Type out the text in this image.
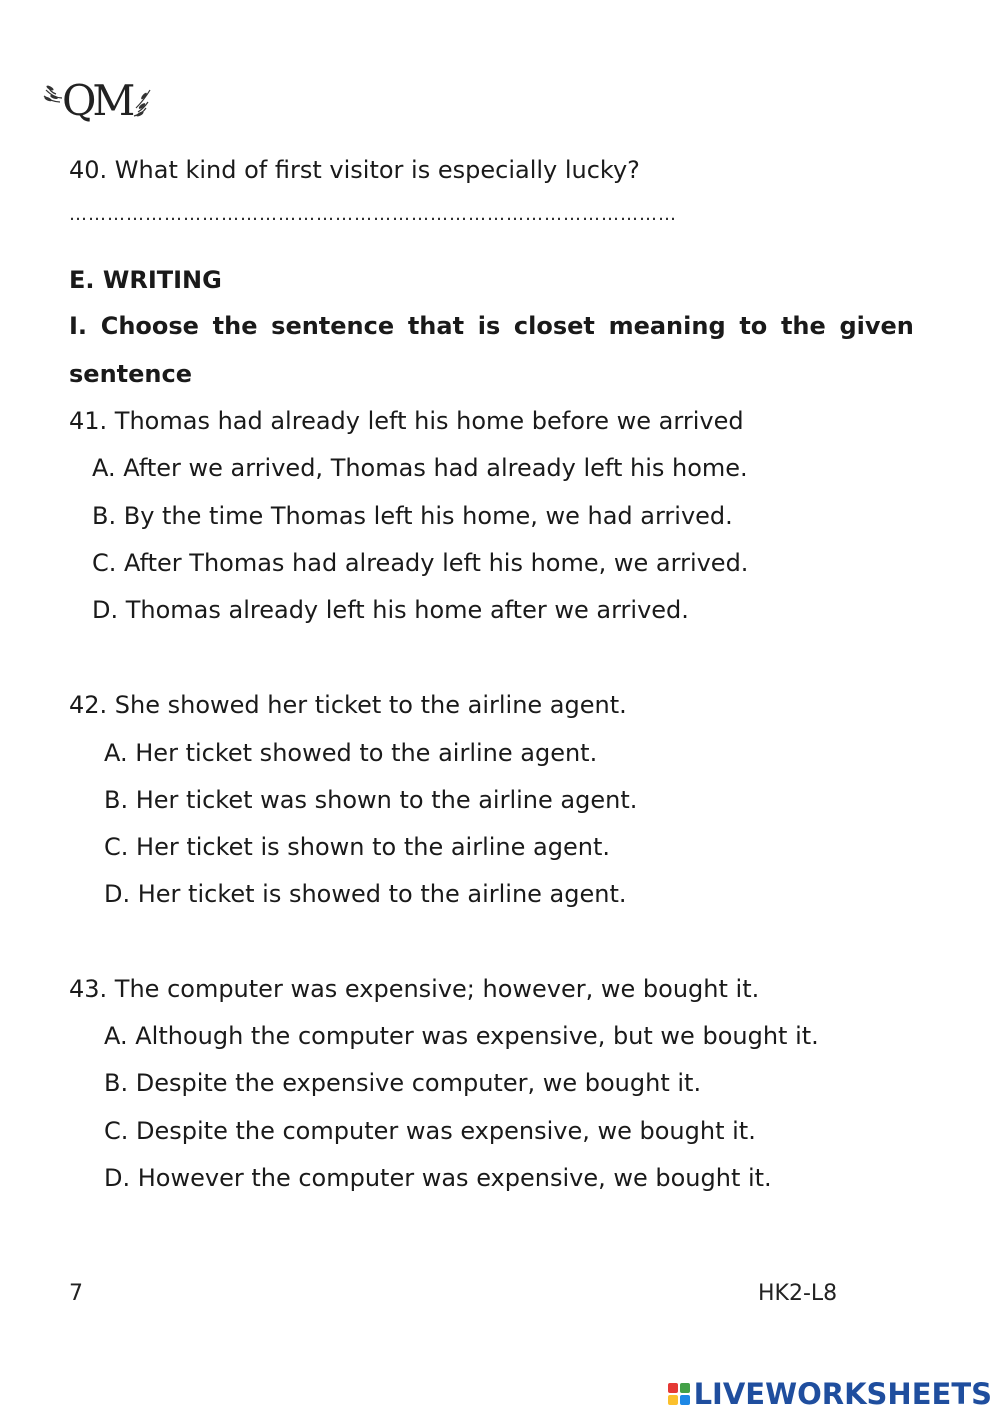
QM
40. What kind of first visitor is especially lucky?
……………………………………………………………………………………
E. WRITING
I. Choose the sentence that is closet meaning to the given
sentence
41. Thomas had already left his home before we arrived
A. After we arrived, Thomas had already left his home.
B. By the time Thomas left his home, we had arrived.
C. After Thomas had already left his home, we arrived.
D. Thomas already left his home after we arrived.
42. She showed her ticket to the airline agent.
A. Her ticket showed to the airline agent.
B. Her ticket was shown to the airline agent.
C. Her ticket is shown to the airline agent.
D. Her ticket is showed to the airline agent.
43. The computer was expensive; however, we bought it.
A. Although the computer was expensive, but we bought it.
B. Despite the expensive computer, we bought it.
C. Despite the computer was expensive, we bought it.
D. However the computer was expensive, we bought it.
7	HK2-L8
LIVEWORKSHEETS
